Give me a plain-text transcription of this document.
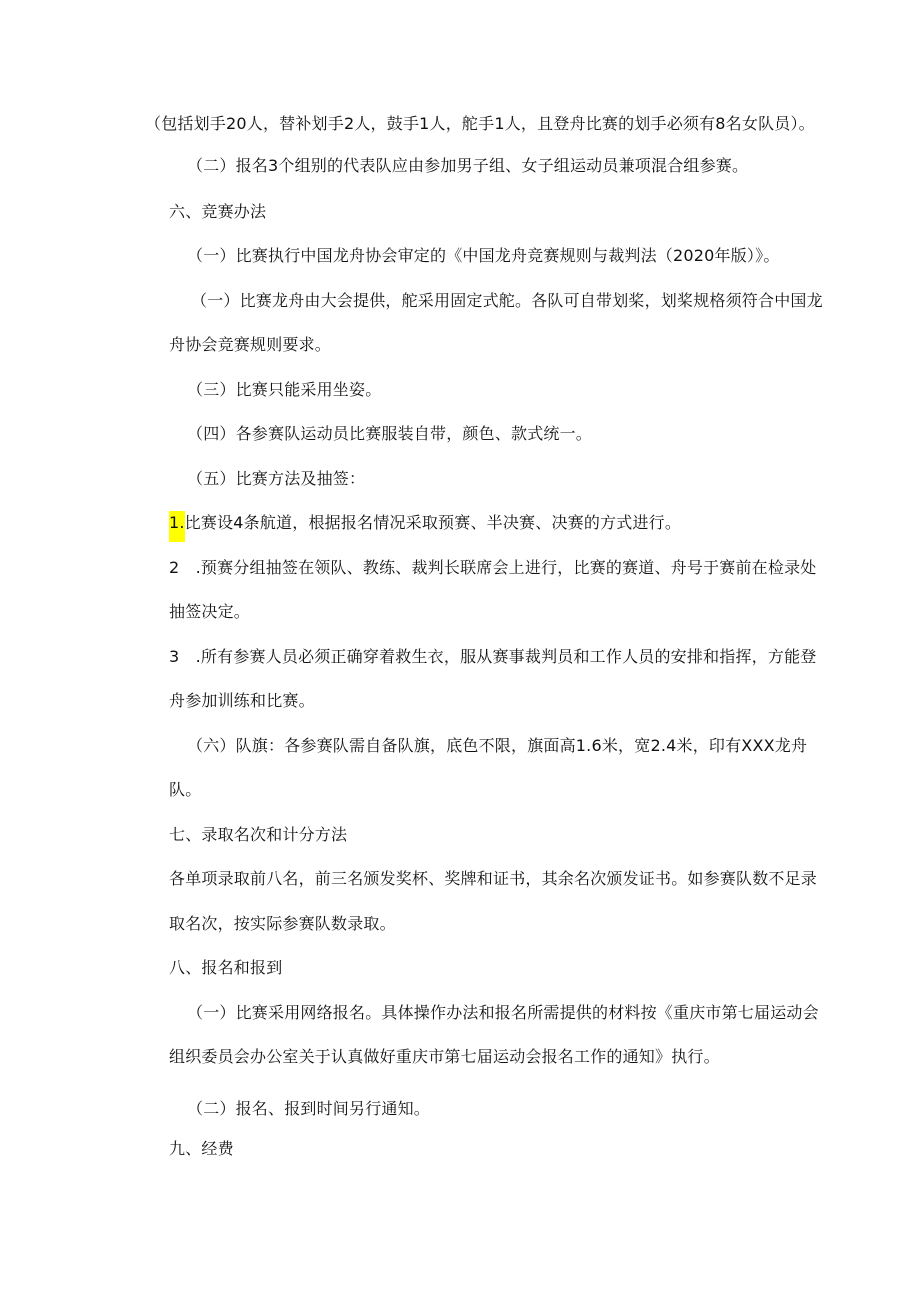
（包括划手20人，替补划手2人，鼓手1人，舵手1人，且登舟比赛的划手必须有8名女队员）。
（二）报名3个组别的代表队应由参加男子组、女子组运动员兼项混合组参赛。
六、竞赛办法
（一）比赛执行中国龙舟协会审定的《中国龙舟竞赛规则与裁判法（2020年版）》。
（一）比赛龙舟由大会提供，舵采用固定式舵。各队可自带划桨，划桨规格须符合中国龙
舟协会竞赛规则要求。
（三）比赛只能采用坐姿。
（四）各参赛队运动员比赛服装自带，颜色、款式统一。
（五）比赛方法及抽签：
1.比赛设4条航道，根据报名情况采取预赛、半决赛、决赛的方式进行。
2　.预赛分组抽签在领队、教练、裁判长联席会上进行，比赛的赛道、舟号于赛前在检录处
抽签决定。
3　.所有参赛人员必须正确穿着救生衣，服从赛事裁判员和工作人员的安排和指挥，方能登
舟参加训练和比赛。
（六）队旗：各参赛队需自备队旗，底色不限，旗面高1.6米，宽2.4米，印有XXX龙舟
队。
七、录取名次和计分方法
各单项录取前八名，前三名颁发奖杯、奖牌和证书，其余名次颁发证书。如参赛队数不足录
取名次，按实际参赛队数录取。
八、报名和报到
（一）比赛采用网络报名。具体操作办法和报名所需提供的材料按《重庆市第七届运动会
组织委员会办公室关于认真做好重庆市第七届运动会报名工作的通知》执行。
（二）报名、报到时间另行通知。
九、经费
